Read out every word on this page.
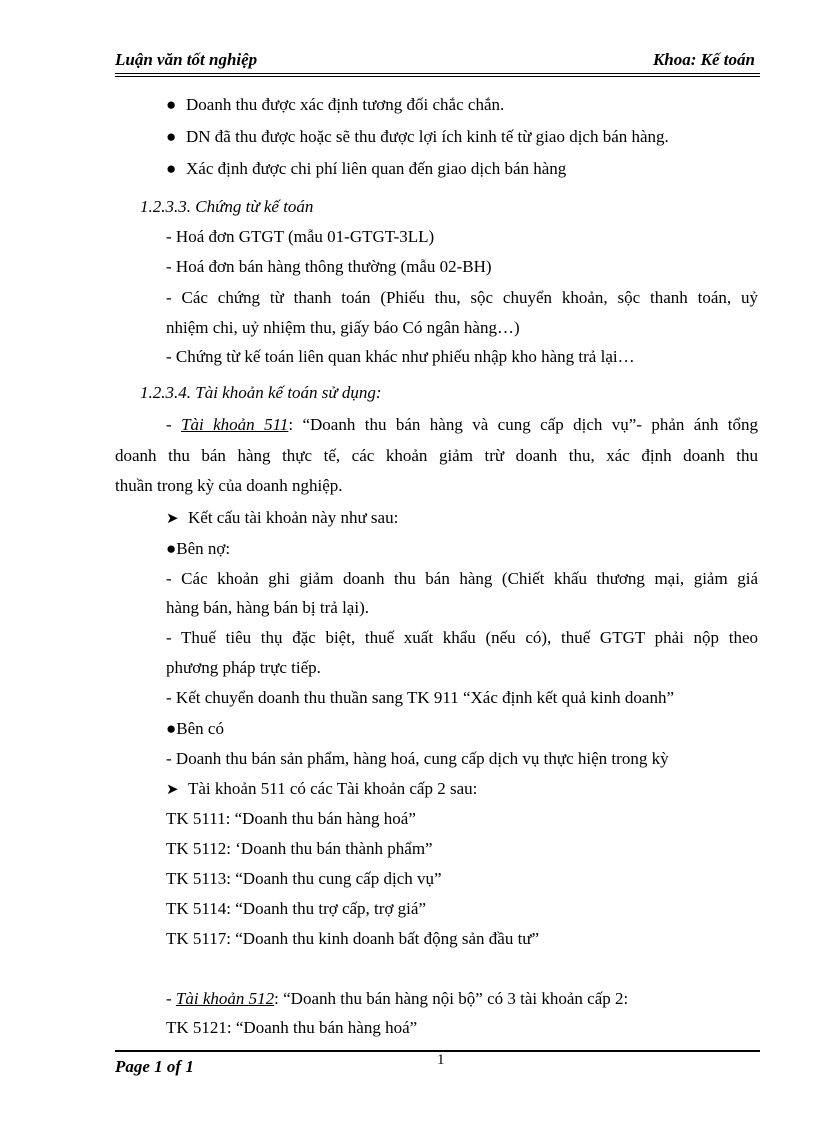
Luận văn tốt nghiệp	Khoa: Kế toán
● Doanh thu được xác định tương đối chắc chắn.
● DN đã thu được hoặc sẽ thu được lợi ích kinh tế từ giao dịch bán hàng.
● Xác định được chi phí liên quan đến giao dịch bán hàng
1.2.3.3. Chứng từ kế toán
- Hoá đơn GTGT (mẫu 01-GTGT-3LL)
- Hoá đơn bán hàng thông thường (mẫu 02-BH)
- Các chứng từ thanh toán (Phiếu thu, sộc chuyển khoản, sộc thanh toán, uỷ
nhiệm chi, uỷ nhiệm thu, giấy báo Có ngân hàng…)
- Chứng từ kế toán liên quan khác như phiếu nhập kho hàng trả lại…
1.2.3.4. Tài khoản kế toán sử dụng:
- Tài khoản 511: “Doanh thu bán hàng và cung cấp dịch vụ”- phản ánh tổng
doanh thu bán hàng thực tế, các khoản giảm trừ doanh thu, xác định doanh thu
thuần trong kỳ của doanh nghiệp.
➤ Kết cấu tài khoản này như sau:
●Bên nợ:
- Các khoản ghi giảm doanh thu bán hàng (Chiết khấu thương mại, giảm giá
hàng bán, hàng bán bị trả lại).
- Thuế tiêu thụ đặc biệt, thuế xuất khẩu (nếu có), thuế GTGT phải nộp theo
phương pháp trực tiếp.
- Kết chuyển doanh thu thuần sang TK 911 “Xác định kết quả kinh doanh”
●Bên có
- Doanh thu bán sản phẩm, hàng hoá, cung cấp dịch vụ thực hiện trong kỳ
➤ Tài khoản 511 có các Tài khoản cấp 2 sau:
TK 5111: “Doanh thu bán hàng hoá”
TK 5112: ‘Doanh thu bán thành phẩm”
TK 5113: “Doanh thu cung cấp dịch vụ”
TK 5114: “Doanh thu trợ cấp, trợ giá”
TK 5117: “Doanh thu kinh doanh bất động sản đầu tư”
- Tài khoản 512: “Doanh thu bán hàng nội bộ” có 3 tài khoản cấp 2:
TK 5121: “Doanh thu bán hàng hoá”
1
Page 1 of 1
